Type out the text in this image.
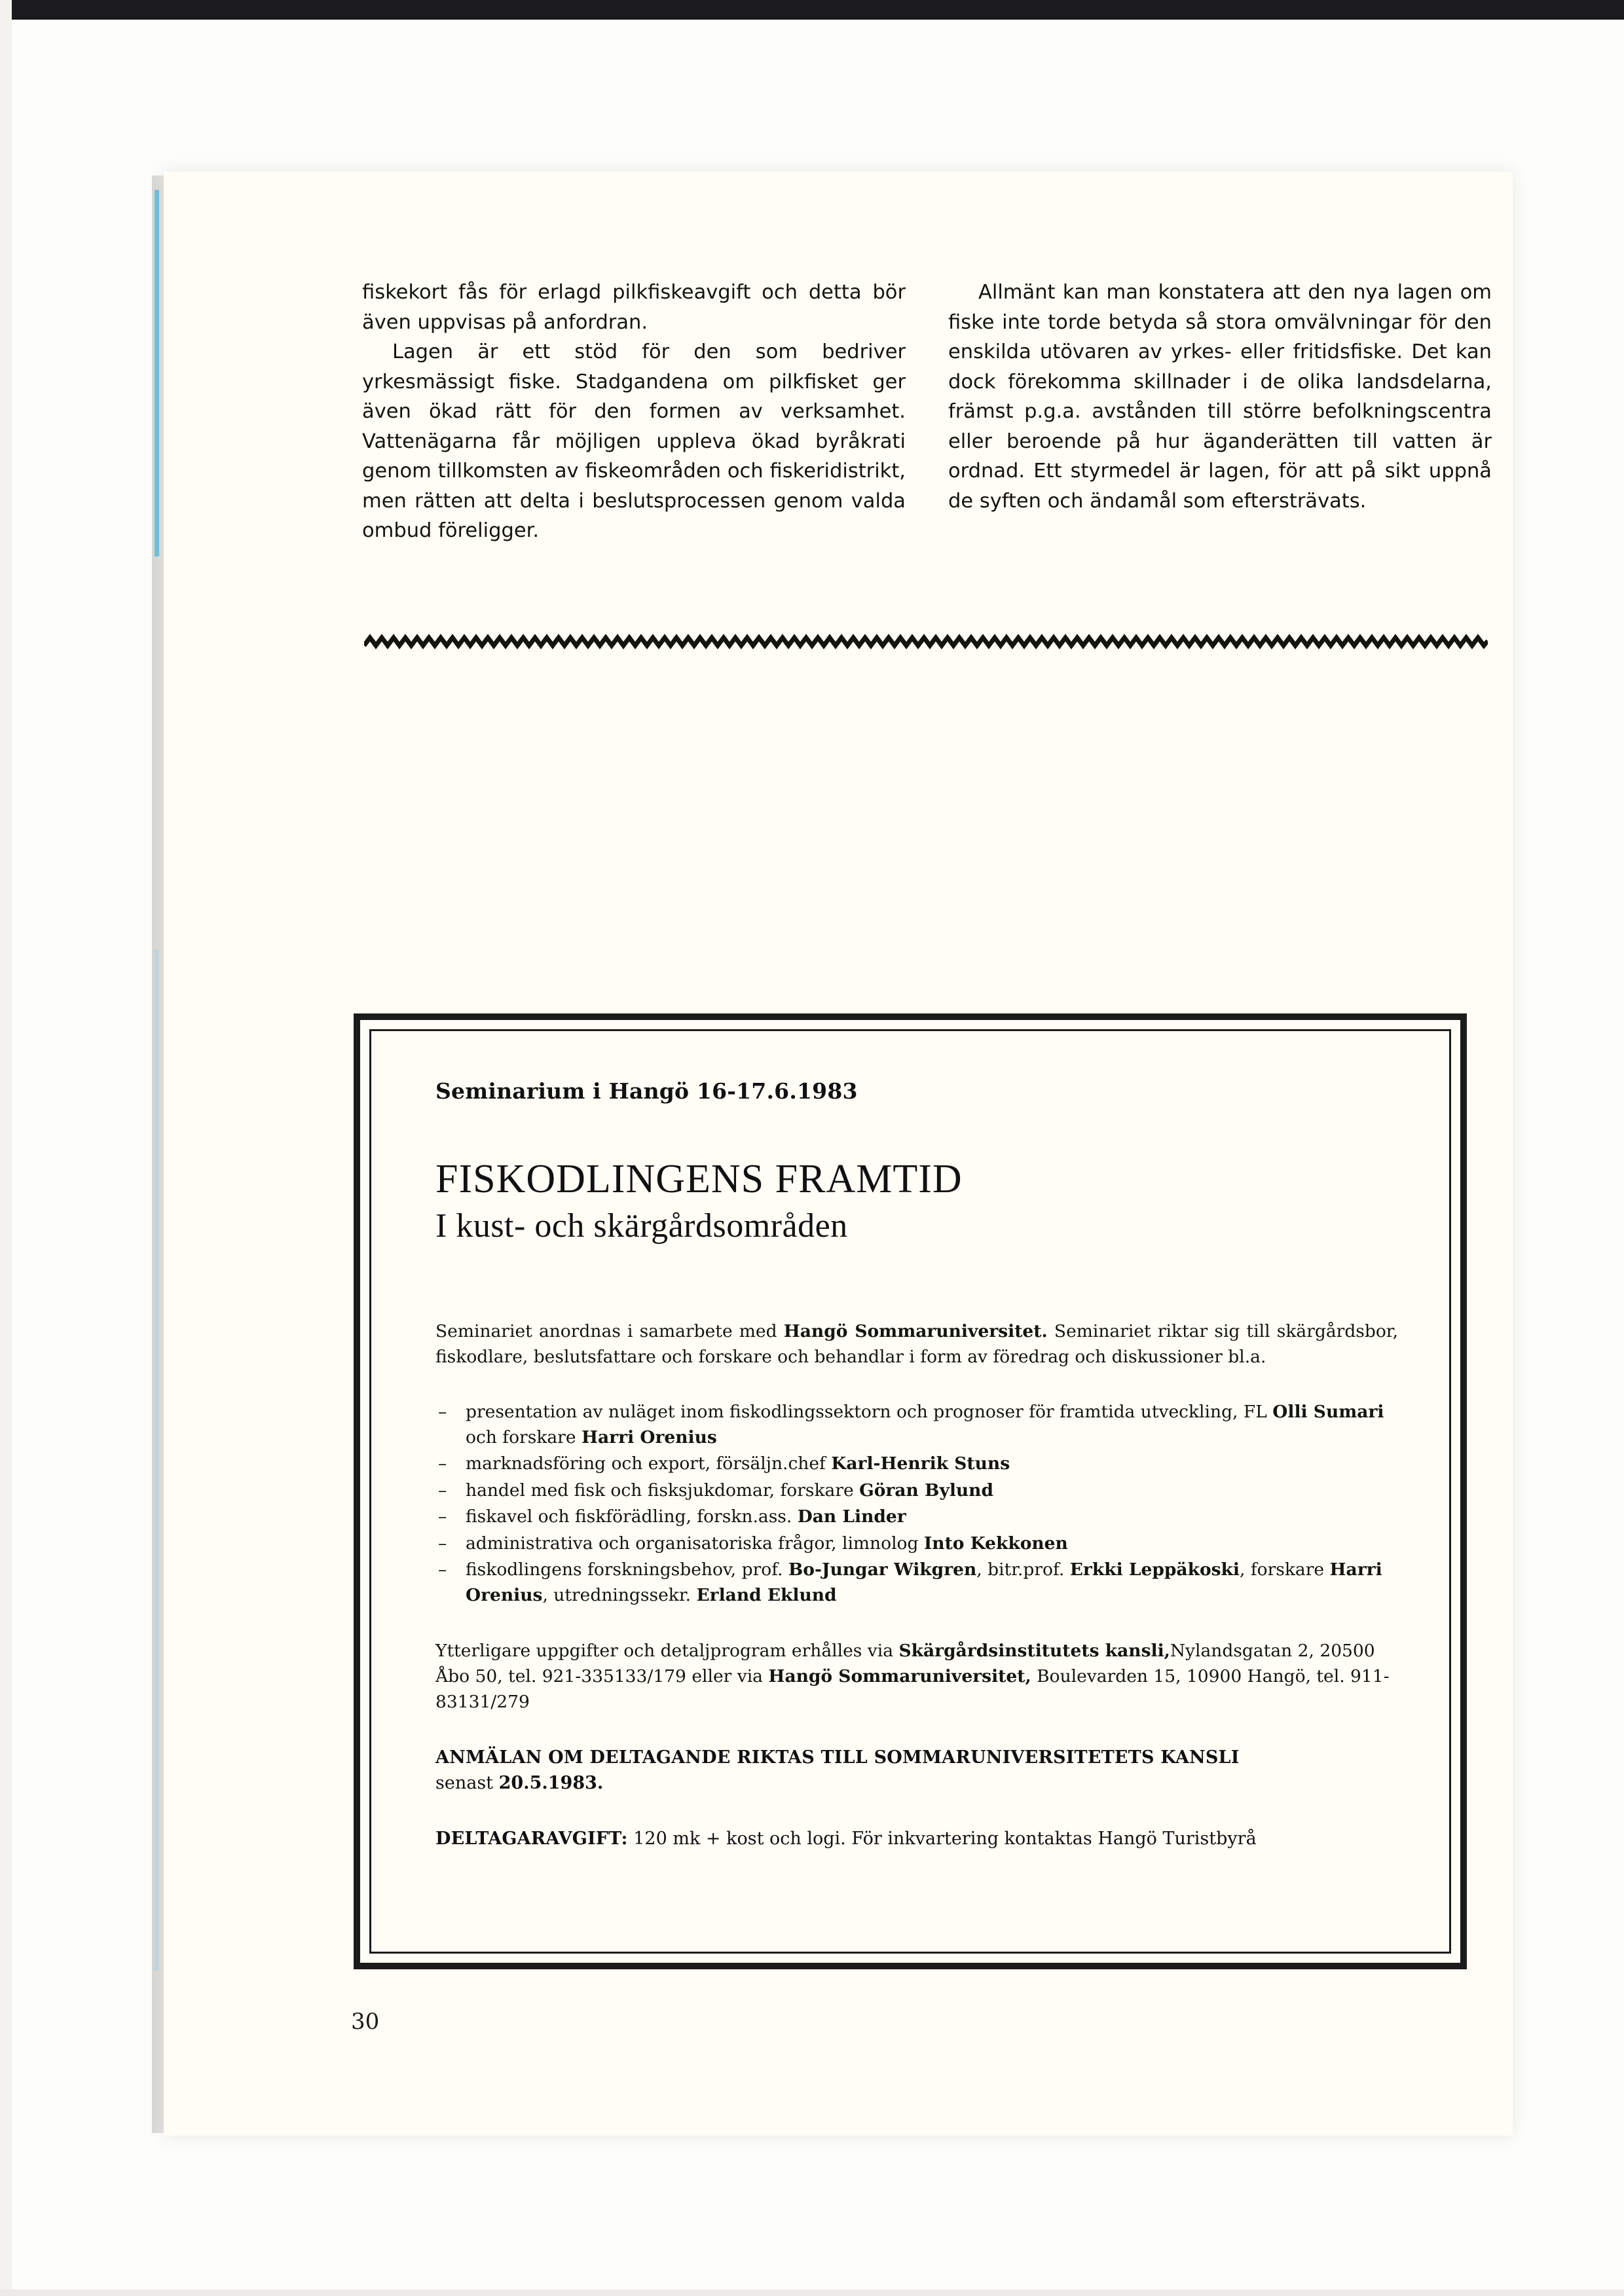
fiskekort fås för erlagd pilkfiskeavgift och detta bör även uppvisas på anfordran.

Lagen är ett stöd för den som bedriver yrkesmässigt fiske. Stadgandena om pilkfisket ger även ökad rätt för den formen av verksamhet. Vattenägarna får möjligen uppleva ökad byråkrati genom tillkomsten av fiskeområden och fiskeridistrikt, men rätten att delta i beslutsprocessen genom valda ombud föreligger.

Allmänt kan man konstatera att den nya lagen om fiske inte torde betyda så stora omvälvningar för den enskilda utövaren av yrkes- eller fritidsfiske. Det kan dock förekomma skillnader i de olika landsdelarna, främst p.g.a. avstånden till större befolkningscentra eller beroende på hur äganderätten till vatten är ordnad. Ett styrmedel är lagen, för att på sikt uppnå de syften och ändamål som eftersträvats.

Seminarium i Hangö 16-17.6.1983
FISKODLINGENS FRAMTID
I kust- och skärgårdsområden

Seminariet anordnas i samarbete med Hangö Sommaruniversitet. Seminariet riktar sig till skärgårdsbor, fiskodlare, beslutsfattare och forskare och behandlar i form av föredrag och diskussioner bl.a.

– presentation av nuläget inom fiskodlingssektorn och prognoser för framtida utveckling, FL Olli Sumari och forskare Harri Orenius
– marknadsföring och export, försäljn.chef Karl-Henrik Stuns
– handel med fisk och fisksjukdomar, forskare Göran Bylund
– fiskavel och fiskförädling, forskn.ass. Dan Linder
– administrativa och organisatoriska frågor, limnolog Into Kekkonen
– fiskodlingens forskningsbehov, prof. Bo-Jungar Wikgren, bitr.prof. Erkki Leppäkoski, forskare Harri Orenius, utredningssekr. Erland Eklund

Ytterligare uppgifter och detaljprogram erhålles via Skärgårdsinstitutets kansli,Nylandsgatan 2, 20500 Åbo 50, tel. 921-335133/179 eller via Hangö Sommaruniversitet, Boulevarden 15, 10900 Hangö, tel. 911-83131/279

ANMÄLAN OM DELTAGANDE RIKTAS TILL SOMMARUNIVERSITETETS KANSLI
senast 20.5.1983.

DELTAGARAVGIFT: 120 mk + kost och logi. För inkvartering kontaktas Hangö Turistbyrå

30
